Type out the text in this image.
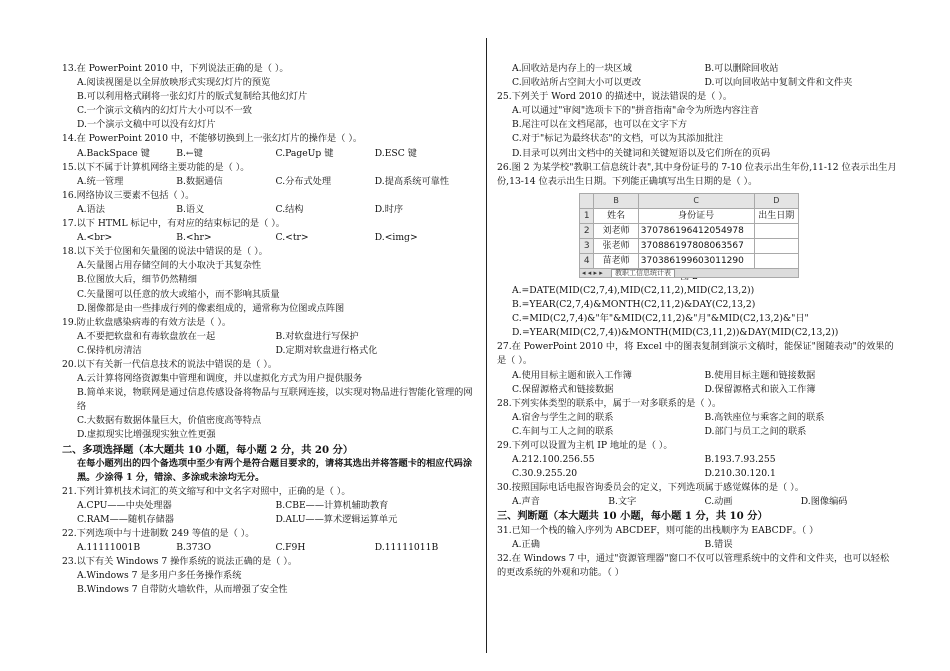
13.在 PowerPoint 2010 中，下列说法正确的是（ ）。
A.阅读视图是以全屏放映形式实现幻灯片的预览
B.可以利用格式刷将一张幻灯片的版式复制给其他幻灯片
C.一个演示文稿内的幻灯片大小可以不一致
D.一个演示文稿中可以没有幻灯片
14.在 PowerPoint 2010 中，不能够切换到上一张幻灯片的操作是（ ）。
A.BackSpace 键	B.←键	C.PageUp 键	D.ESC 键
15.以下不属于计算机网络主要功能的是（ ）。
A.统一管理	B.数据通信	C.分布式处理	D.提高系统可靠性
16.网络协议三要素不包括（ ）。
A.语法	B.语义	C.结构	D.时序
17.以下 HTML 标记中，有对应的结束标记的是（ ）。
A.<br>	B.<hr>	C.<tr>	D.<img>
18.以下关于位图和矢量图的说法中错误的是（ ）。
A.矢量图占用存储空间的大小取决于其复杂性
B.位图放大后，细节仍然精细
C.矢量图可以任意的放大或缩小，而不影响其质量
D.图像都是由一些排成行列的像素组成的，通常称为位图或点阵图
19.防止软盘感染病毒的有效方法是（ ）。
A.不要把软盘和有毒软盘放在一起	B.对软盘进行写保护
C.保持机房清洁	D.定期对软盘进行格式化
20.以下有关新一代信息技术的说法中错误的是（ ）。
A.云计算将网络资源集中管理和调度，并以虚拟化方式为用户提供服务
B.简单来说，物联网是通过信息传感设备将物品与互联网连接，以实现对物品进行智能化管理的网络
C.大数据有数据体量巨大，价值密度高等特点
D.虚拟现实比增强现实独立性更强
二、多项选择题（本大题共 10 小题，每小题 2 分，共 20 分）
在每小题列出的四个备选项中至少有两个是符合题目要求的，请将其选出并将答题卡的相应代码涂黑。少涂得 1 分，错涂、多涂或未涂均无分。
21.下列计算机技术词汇的英文缩写和中文名字对照中，正确的是（ ）。
A.CPU——中央处理器	B.CBE——计算机辅助教育
C.RAM——随机存储器	D.ALU——算术逻辑运算单元
22.下列选项中与十进制数 249 等值的是（ ）。
A.11111001B	B.373O	C.F9H	D.11111011B
23.以下有关 Windows 7 操作系统的说法正确的是（ ）。
A.Windows 7 是多用户多任务操作系统
B.Windows 7 自带防火墙软件，从而增强了安全性
A.回收站是内存上的一块区域	B.可以删除回收站
C.回收站所占空间大小可以更改	D.可以向回收站中复制文件和文件夹
25.下列关于 Word 2010 的描述中，说法错误的是（ ）。
A.可以通过"审阅"选项卡下的"拼音指南"命令为所选内容注音
B.尾注可以在文档尾部，也可以在文字下方
C.对于"标记为最终状态"的文档，可以为其添加批注
D.目录可以列出文档中的关键词和关键短语以及它们所在的页码
26.图 2 为某学校"教职工信息统计表",其中身份证号的 7-10 位表示出生年份,11-12 位表示出生月份,13-14 位表示出生日期。下列能正确填写出生日期的是（ ）。
	B	C	D
1	姓名	身份证号	出生日期
2	刘老师	370786196412054978	
3	张老师	370886197808063567	
4	苗老师	370386199603011290	
◂ ◂ ▸ ▸ 教职工信息统计表
A.=DATE(MID(C2,7,4),MID(C2,11,2),MID(C2,13,2))
B.=YEAR(C2,7,4)&MONTH(C2,11,2)&DAY(C2,13,2)
C.=MID(C2,7,4)&"年"&MID(C2,11,2)&"月"&MID(C2,13,2)&"日"
D.=YEAR(MID(C2,7,4))&MONTH(MID(C3,11,2))&DAY(MID(C2,13,2))
27.在 PowerPoint 2010 中，将 Excel 中的图表复制到演示文稿时，能保证"图随表动"的效果的是（ ）。
A.使用目标主题和嵌入工作簿	B.使用目标主题和链接数据
C.保留源格式和链接数据	D.保留源格式和嵌入工作簿
28.下列实体类型的联系中，属于一对多联系的是（ ）。
A.宿舍与学生之间的联系	B.高铁座位与乘客之间的联系
C.车间与工人之间的联系	D.部门与员工之间的联系
29.下列可以设置为主机 IP 地址的是（ ）。
A.212.100.256.55	B.193.7.93.255
C.30.9.255.20	D.210.30.120.1
30.按照国际电话电报咨询委员会的定义，下列选项属于感觉媒体的是（ ）。
A.声音	B.文字	C.动画	D.图像编码
三、判断题（本大题共 10 小题，每小题 1 分，共 10 分）
31.已知一个栈的输入序列为 ABCDEF，则可能的出栈顺序为 EABCDF。（ ）
A.正确	B.错误
32.在 Windows 7 中，通过"资源管理器"窗口不仅可以管理系统中的文件和文件夹，也可以轻松的更改系统的外观和功能。（ ）
